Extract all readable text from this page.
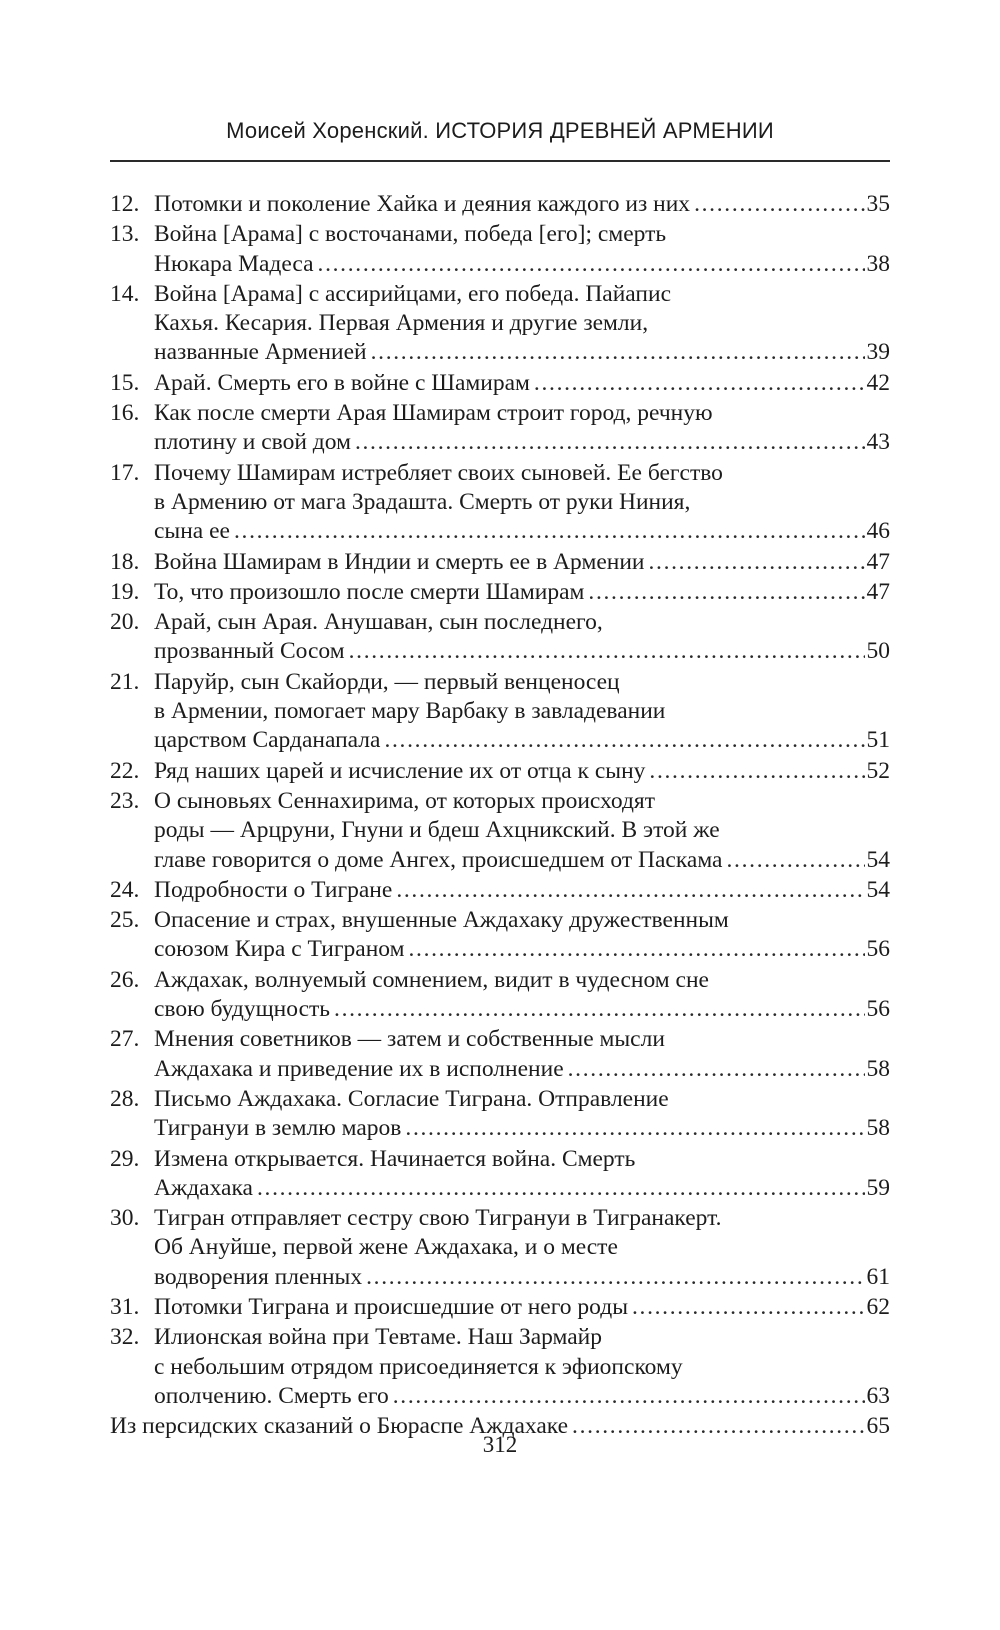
Моисей Хоренский. ИСТОРИЯ ДРЕВНЕЙ АРМЕНИИ
12. Потомки и поколение Хайка и деяния каждого из них . . .	35
13. Война [Арама] с восточанами, победа [его]; смерть
Нюкара Мадеса . . .	38
14. Война [Арама] с ассирийцами, его победа. Пайапис
Кахья. Кесария. Первая Армения и другие земли,
названные Арменией . . .	39
15. Арай. Смерть его в войне с Шамирам . . .	42
16. Как после смерти Арая Шамирам строит город, речную
плотину и свой дом . . .	43
17. Почему Шамирам истребляет своих сыновей. Ее бегство
в Армению от мага Зрадашта. Смерть от руки Ниния,
сына ее . . .	46
18. Война Шамирам в Индии и смерть ее в Армении . . .	47
19. То, что произошло после смерти Шамирам . . .	47
20. Арай, сын Арая. Анушаван, сын последнего,
прозванный Сосом . . .	50
21. Паруйр, сын Скайорди, — первый венценосец
в Армении, помогает мару Варбаку в завладевании
царством Сарданапала . . .	51
22. Ряд наших царей и исчисление их от отца к сыну . . .	52
23. О сыновьях Сеннахирима, от которых происходят
роды — Арцруни, Гнуни и бдеш Ахцникский. В этой же
главе говорится о доме Ангех, происшедшем от Паскама . . .	54
24. Подробности о Тигране . . .	54
25. Опасение и страх, внушенные Аждахаку дружественным
союзом Кира с Тиграном . . .	56
26. Аждахак, волнуемый сомнением, видит в чудесном сне
свою будущность . . .	56
27. Мнения советников — затем и собственные мысли
Аждахака и приведение их в исполнение . . .	58
28. Письмо Аждахака. Согласие Тиграна. Отправление
Тигрануи в землю маров . . .	58
29. Измена открывается. Начинается война. Смерть
Аждахака . . .	59
30. Тигран отправляет сестру свою Тигрануи в Тигранакерт.
Об Ануйше, первой жене Аждахака, и о месте
водворения пленных . . .	61
31. Потомки Тиграна и происшедшие от него роды . . .	62
32. Илионская война при Тевтаме. Наш Зармайр
с небольшим отрядом присоединяется к эфиопскому
ополчению. Смерть его . . .	63
Из персидских сказаний о Бюраспе Аждахаке . . .	65
312
